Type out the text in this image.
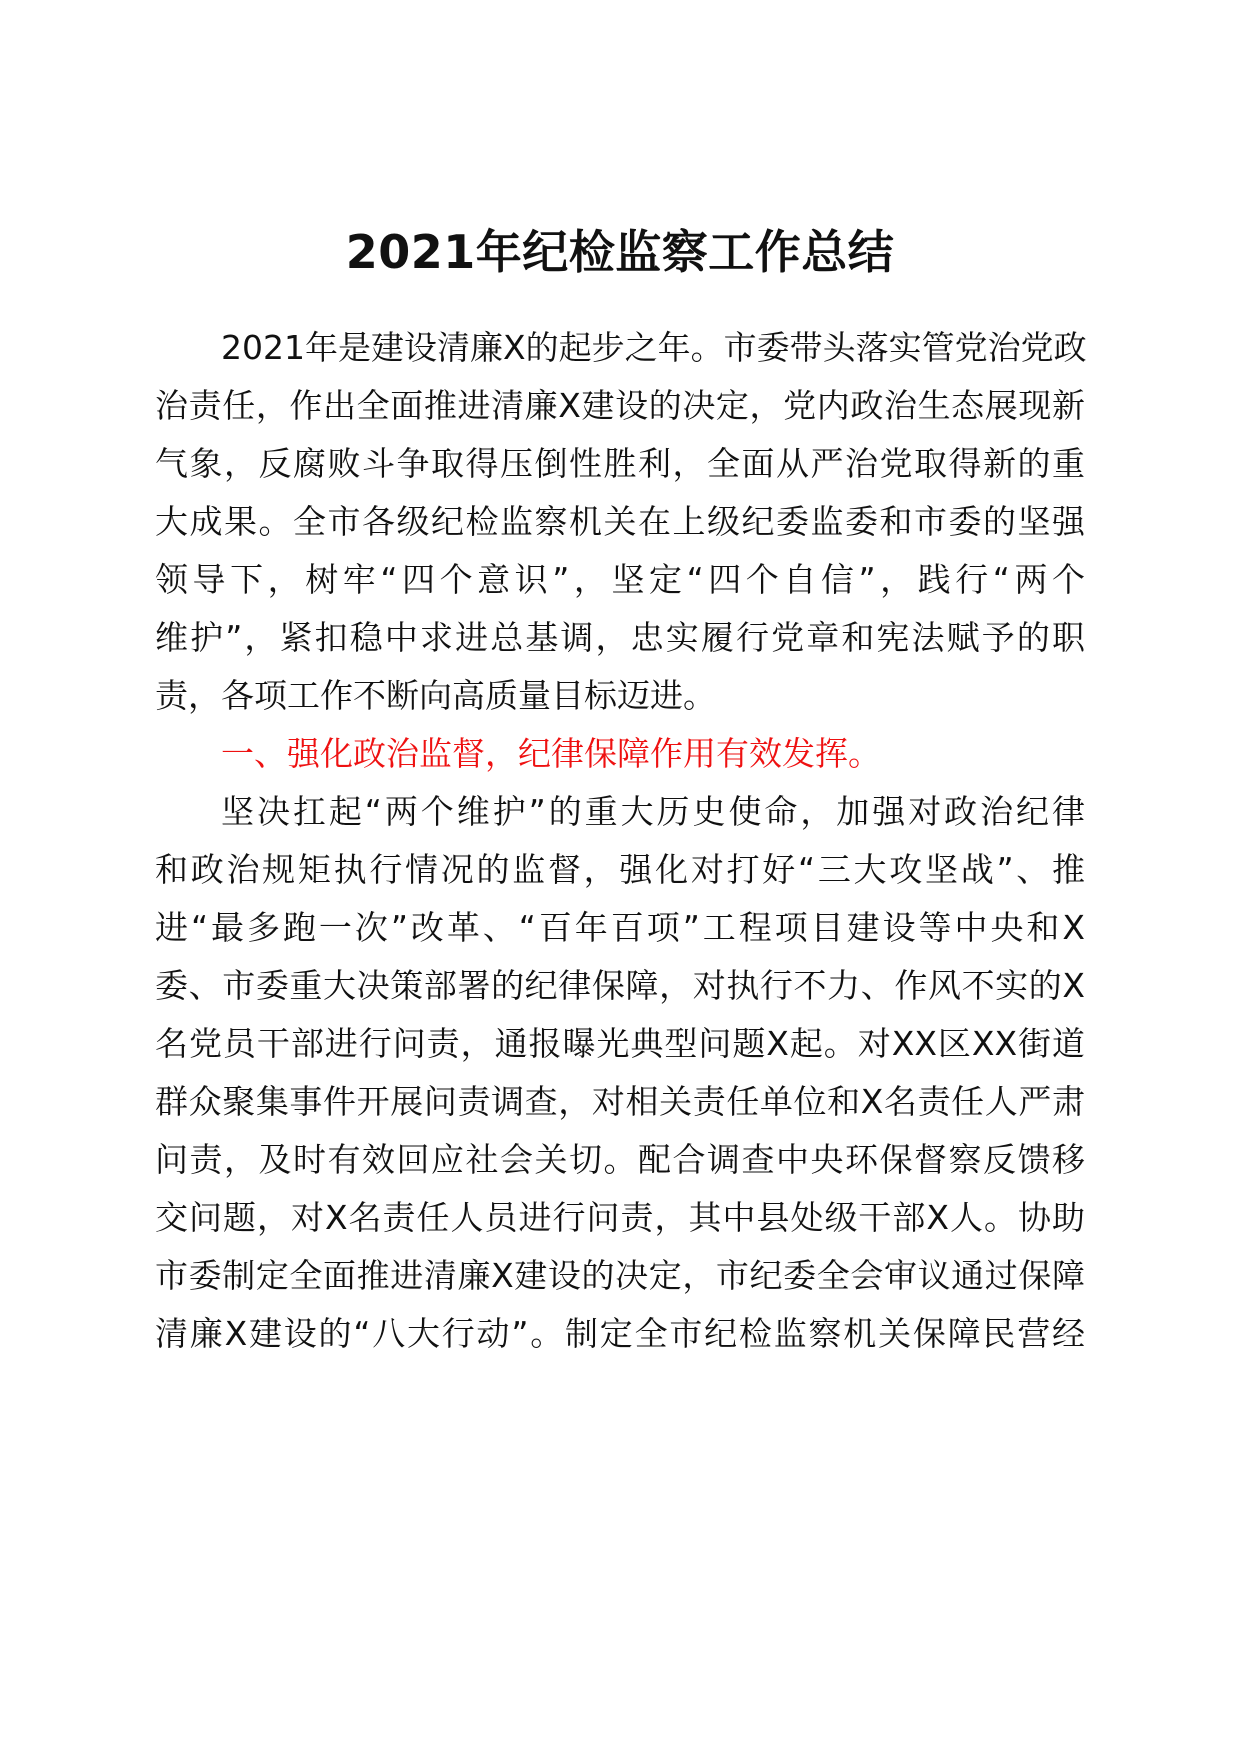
2021年纪检监察工作总结
2021年是建设清廉X的起步之年。市委带头落实管党治党政
治责任，作出全面推进清廉X建设的决定，党内政治生态展现新
气象，反腐败斗争取得压倒性胜利，全面从严治党取得新的重
大成果。全市各级纪检监察机关在上级纪委监委和市委的坚强
领导下，树牢“四个意识”，坚定“四个自信”，践行“两个
维护”，紧扣稳中求进总基调，忠实履行党章和宪法赋予的职
责，各项工作不断向高质量目标迈进。
一、强化政治监督，纪律保障作用有效发挥。
坚决扛起“两个维护”的重大历史使命，加强对政治纪律
和政治规矩执行情况的监督，强化对打好“三大攻坚战”、推
进“最多跑一次”改革、“百年百项”工程项目建设等中央和X
委、市委重大决策部署的纪律保障，对执行不力、作风不实的X
名党员干部进行问责，通报曝光典型问题X起。对XX区XX街道
群众聚集事件开展问责调查，对相关责任单位和X名责任人严肃
问责，及时有效回应社会关切。配合调查中央环保督察反馈移
交问题，对X名责任人员进行问责，其中县处级干部X人。协助
市委制定全面推进清廉X建设的决定，市纪委全会审议通过保障
清廉X建设的“八大行动”。制定全市纪检监察机关保障民营经
